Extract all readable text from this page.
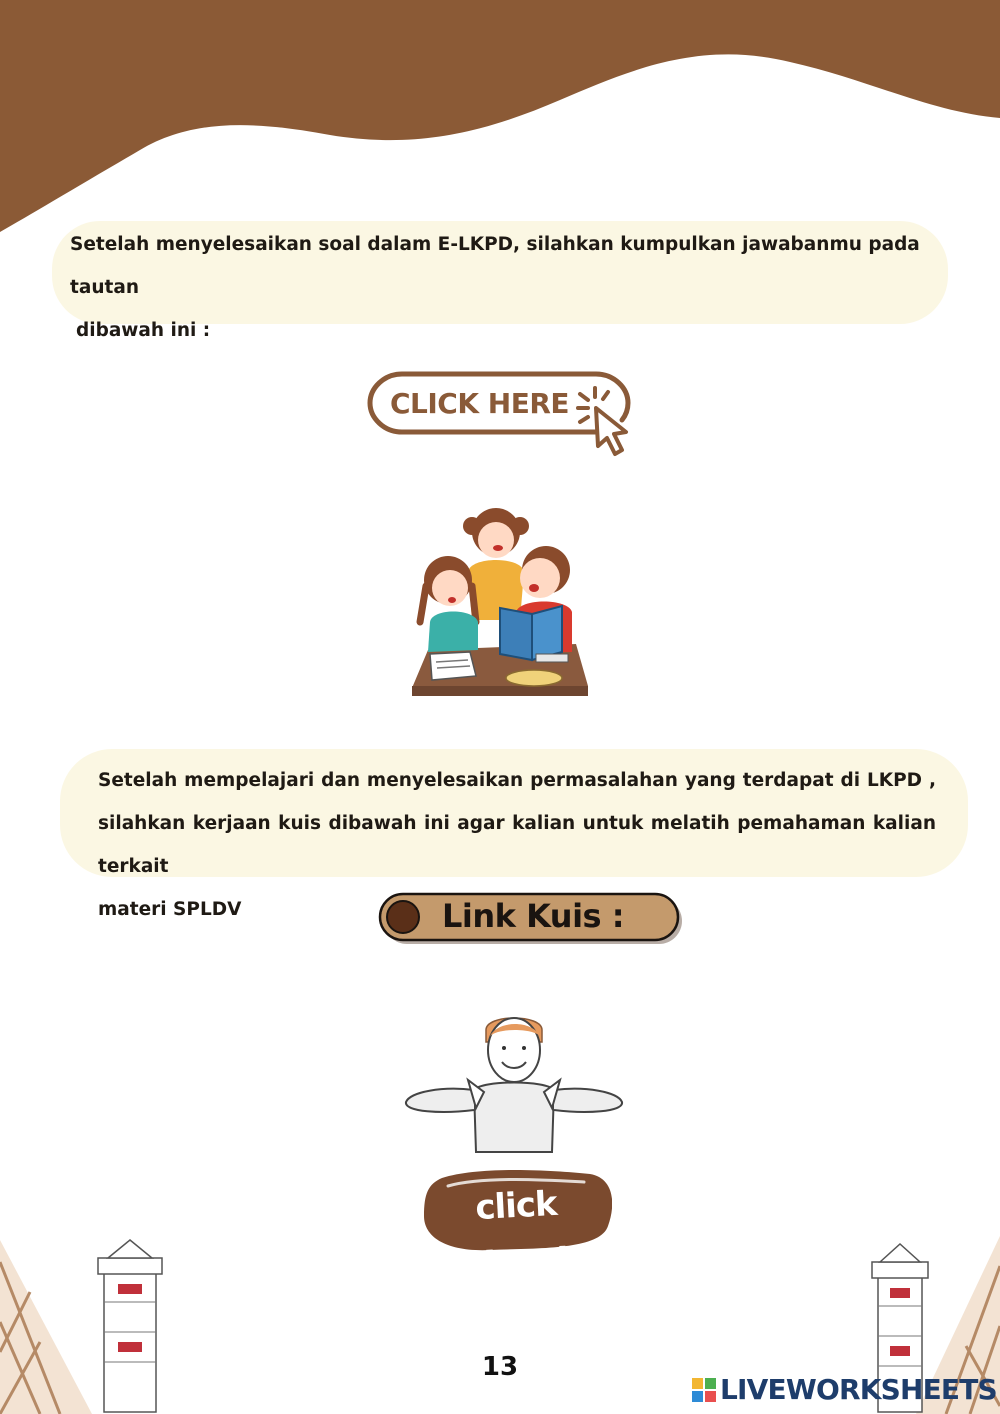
Setelah menyelesaikan soal dalam E-LKPD, silahkan kumpulkan jawabanmu pada tautan
dibawah ini :
CLICK HERE
Setelah mempelajari dan menyelesaikan permasalahan yang terdapat di LKPD ,
silahkan kerjaan kuis dibawah ini agar kalian untuk melatih pemahaman kalian terkait
materi SPLDV	Link Kuis :
click Here!
13
LIVEWORKSHEETS
